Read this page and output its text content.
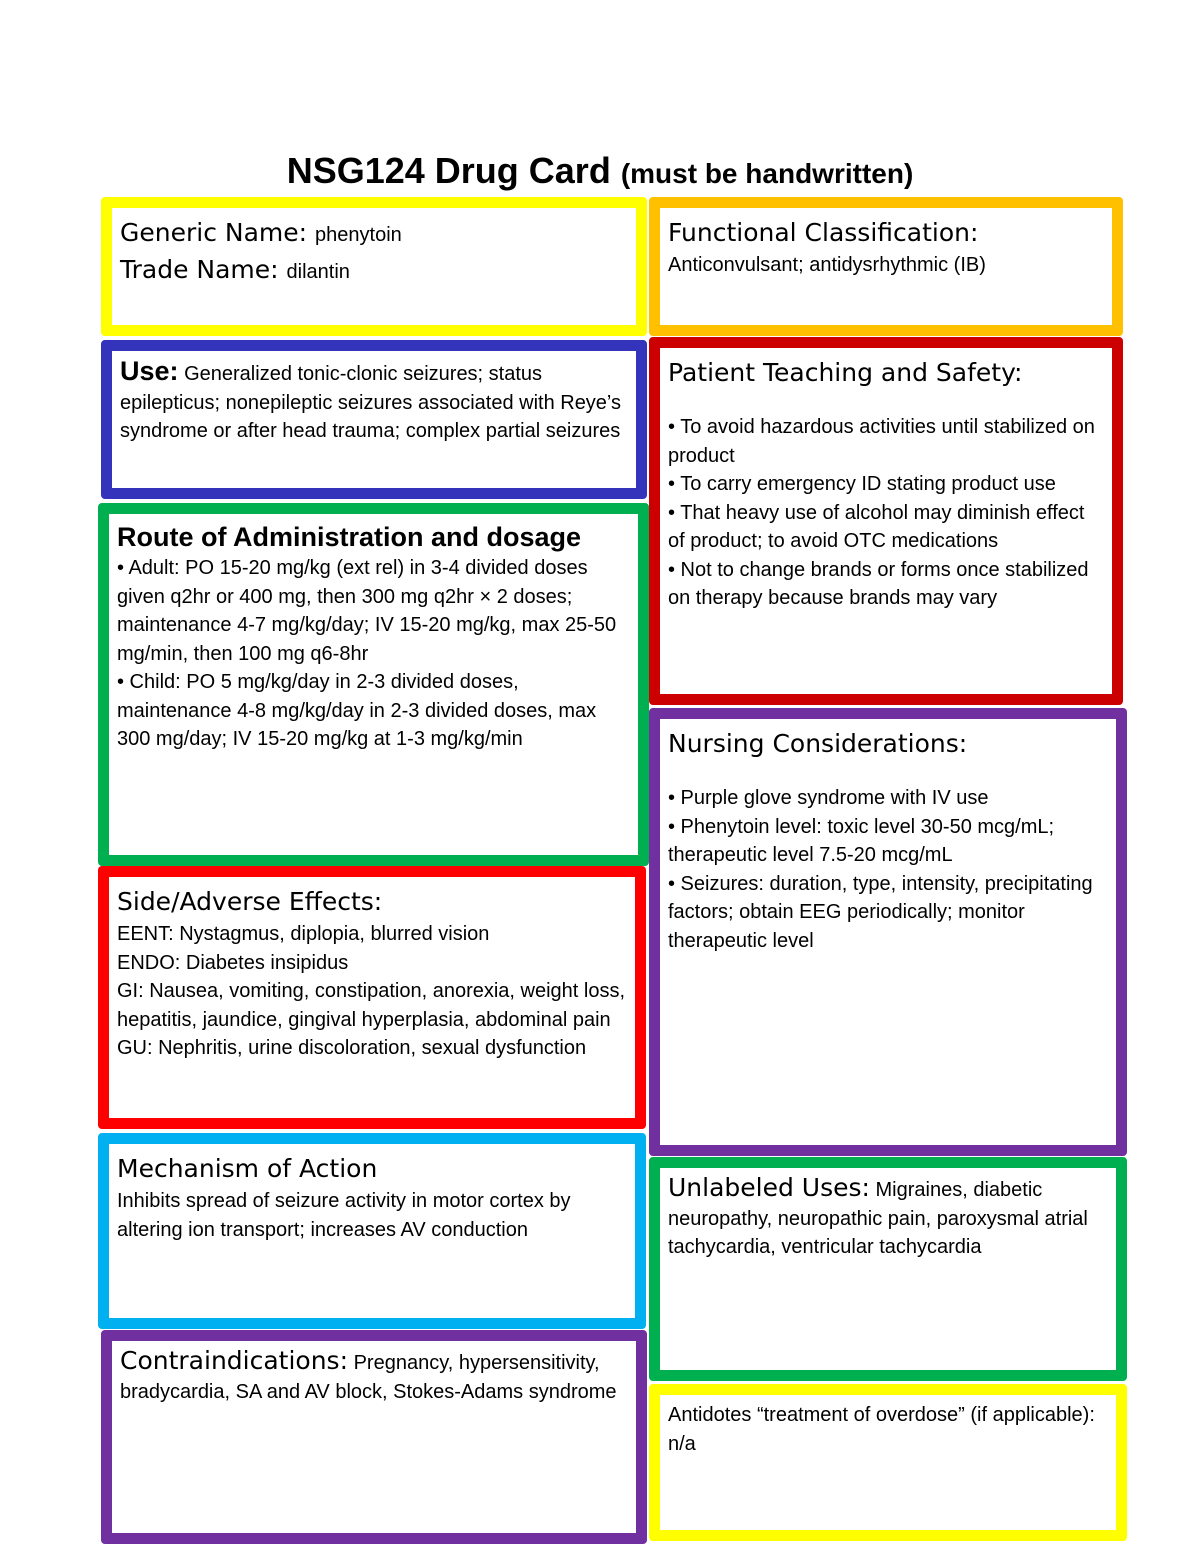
NSG124 Drug Card (must be handwritten)
Generic Name: phenytoin
Trade Name: dilantin
Use: Generalized tonic-clonic seizures; status epilepticus; nonepileptic seizures associated with Reye’s syndrome or after head trauma; complex partial seizures
Route of Administration and dosage
• Adult: PO 15-20 mg/kg (ext rel) in 3-4 divided doses given q2hr or 400 mg, then 300 mg q2hr × 2 doses; maintenance 4-7 mg/kg/day; IV 15-20 mg/kg, max 25-50 mg/min, then 100 mg q6-8hr
• Child: PO 5 mg/kg/day in 2-3 divided doses, maintenance 4-8 mg/kg/day in 2-3 divided doses, max 300 mg/day; IV 15-20 mg/kg at 1-3 mg/kg/min
Side/Adverse Effects:
EENT: Nystagmus, diplopia, blurred vision
ENDO: Diabetes insipidus
GI: Nausea, vomiting, constipation, anorexia, weight loss, hepatitis, jaundice, gingival hyperplasia, abdominal pain
GU: Nephritis, urine discoloration, sexual dysfunction
Mechanism of Action
Inhibits spread of seizure activity in motor cortex by altering ion transport; increases AV conduction
Contraindications: Pregnancy, hypersensitivity, bradycardia, SA and AV block, Stokes-Adams syndrome
Functional Classification:
Anticonvulsant; antidysrhythmic (IB)
Patient Teaching and Safety:
• To avoid hazardous activities until stabilized on product
• To carry emergency ID stating product use
• That heavy use of alcohol may diminish effect of product; to avoid OTC medications
• Not to change brands or forms once stabilized on therapy because brands may vary
Nursing Considerations:
• Purple glove syndrome with IV use
• Phenytoin level: toxic level 30-50 mcg/mL; therapeutic level 7.5-20 mcg/mL
• Seizures: duration, type, intensity, precipitating factors; obtain EEG periodically; monitor therapeutic level
Unlabeled Uses: Migraines, diabetic neuropathy, neuropathic pain, paroxysmal atrial tachycardia, ventricular tachycardia
Antidotes “treatment of overdose” (if applicable): n/a
